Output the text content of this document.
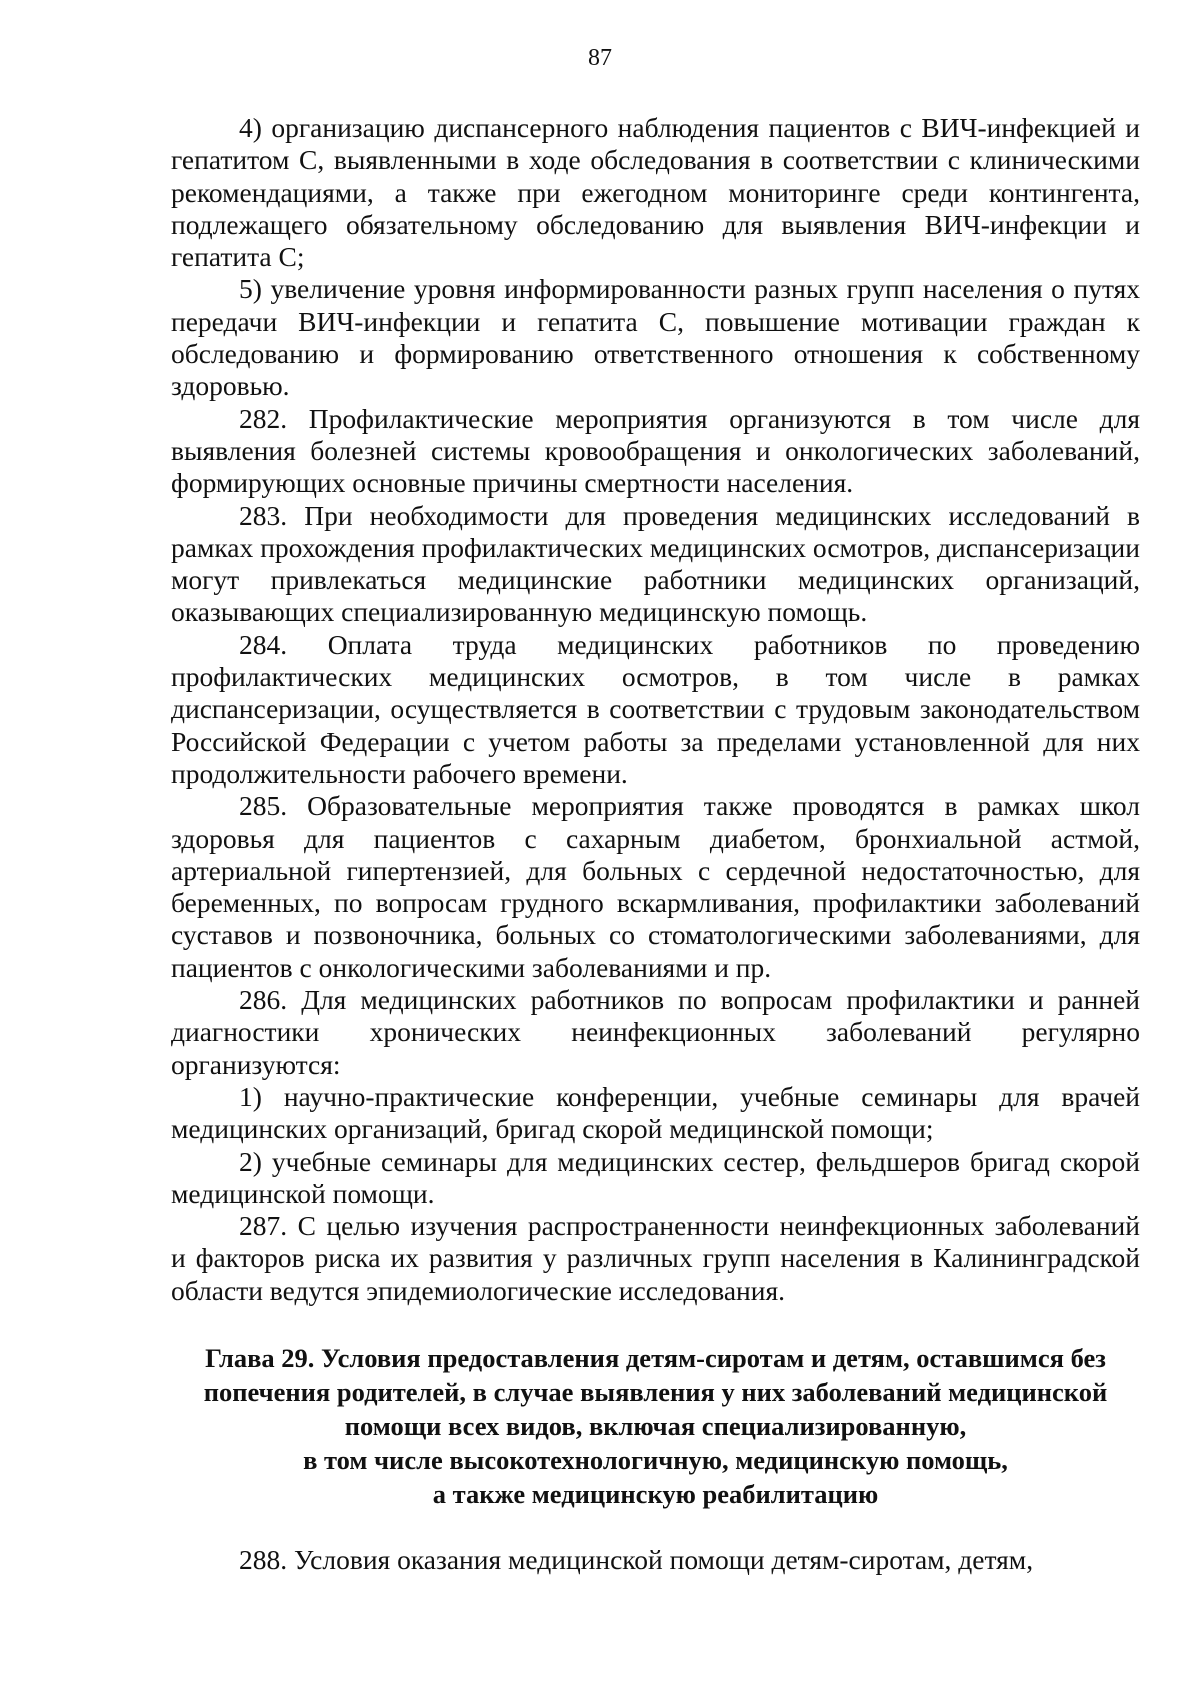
87

4) организацию диспансерного наблюдения пациентов с ВИЧ-инфекцией и гепатитом С, выявленными в ходе обследования в соответствии с клиническими рекомендациями, а также при ежегодном мониторинге среди контингента, подлежащего обязательному обследованию для выявления ВИЧ-инфекции и гепатита С;

5) увеличение уровня информированности разных групп населения о путях передачи ВИЧ-инфекции и гепатита С, повышение мотивации граждан к обследованию и формированию ответственного отношения к собственному здоровью.

282. Профилактические мероприятия организуются в том числе для выявления болезней системы кровообращения и онкологических заболеваний, формирующих основные причины смертности населения.

283. При необходимости для проведения медицинских исследований в рамках прохождения профилактических медицинских осмотров, диспансеризации могут привлекаться медицинские работники медицинских организаций, оказывающих специализированную медицинскую помощь.

284. Оплата труда медицинских работников по проведению профилактических медицинских осмотров, в том числе в рамках диспансеризации, осуществляется в соответствии с трудовым законодательством Российской Федерации с учетом работы за пределами установленной для них продолжительности рабочего времени.

285. Образовательные мероприятия также проводятся в рамках школ здоровья для пациентов с сахарным диабетом, бронхиальной астмой, артериальной гипертензией, для больных с сердечной недостаточностью, для беременных, по вопросам грудного вскармливания, профилактики заболеваний суставов и позвоночника, больных со стоматологическими заболеваниями, для пациентов с онкологическими заболеваниями и пр.

286. Для медицинских работников по вопросам профилактики и ранней диагностики хронических неинфекционных заболеваний регулярно организуются:

1) научно-практические конференции, учебные семинары для врачей медицинских организаций, бригад скорой медицинской помощи;

2) учебные семинары для медицинских сестер, фельдшеров бригад скорой медицинской помощи.

287. С целью изучения распространенности неинфекционных заболеваний и факторов риска их развития у различных групп населения в Калининградской области ведутся эпидемиологические исследования.

Глава 29. Условия предоставления детям-сиротам и детям, оставшимся без
попечения родителей, в случае выявления у них заболеваний медицинской
помощи всех видов, включая специализированную,
в том числе высокотехнологичную, медицинскую помощь,
а также медицинскую реабилитацию

288. Условия оказания медицинской помощи детям-сиротам, детям,
